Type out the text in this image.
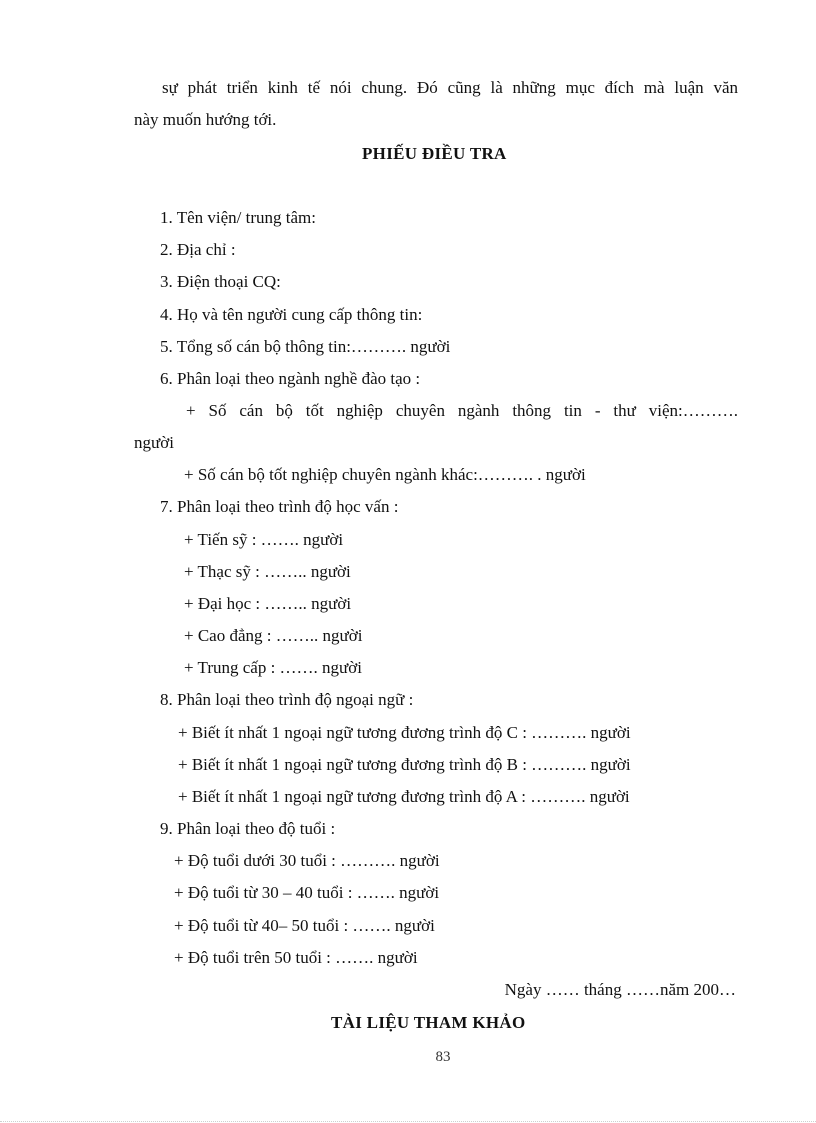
sự phát triển kinh tế nói chung. Đó cũng là những mục đích mà luận văn
này muốn hướng tới.
PHIẾU ĐIỀU TRA
1. Tên viện/ trung tâm:
2. Địa chỉ :
3. Điện thoại CQ:
4. Họ và tên người cung cấp thông tin:
5. Tổng số cán bộ thông tin:………. người
6. Phân loại theo ngành nghề đào tạo :
+ Số cán bộ tốt nghiệp chuyên ngành thông tin - thư viện:……….
người
+ Số cán bộ tốt nghiệp chuyên ngành khác:………. . người
7. Phân loại theo trình độ học vấn :
+ Tiến sỹ : ……. người
+ Thạc sỹ : …….. người
+ Đại học : …….. người
+ Cao đẳng : …….. người
+ Trung cấp : ……. người
8. Phân loại theo trình độ ngoại ngữ :
+ Biết ít nhất 1 ngoại ngữ tương đương trình độ C : ………. người
+ Biết ít nhất 1 ngoại ngữ tương đương trình độ B : ………. người
+ Biết ít nhất 1 ngoại ngữ tương đương trình độ A : ………. người
9. Phân loại theo độ tuổi :
+ Độ tuổi dưới 30 tuổi : ………. người
+ Độ tuổi từ 30 – 40 tuổi : ……. người
+ Độ tuổi từ 40– 50 tuổi : ……. người
+ Độ tuổi trên 50 tuổi : ……. người
Ngày …… tháng ……năm 200…
TÀI LIỆU THAM KHẢO
83
